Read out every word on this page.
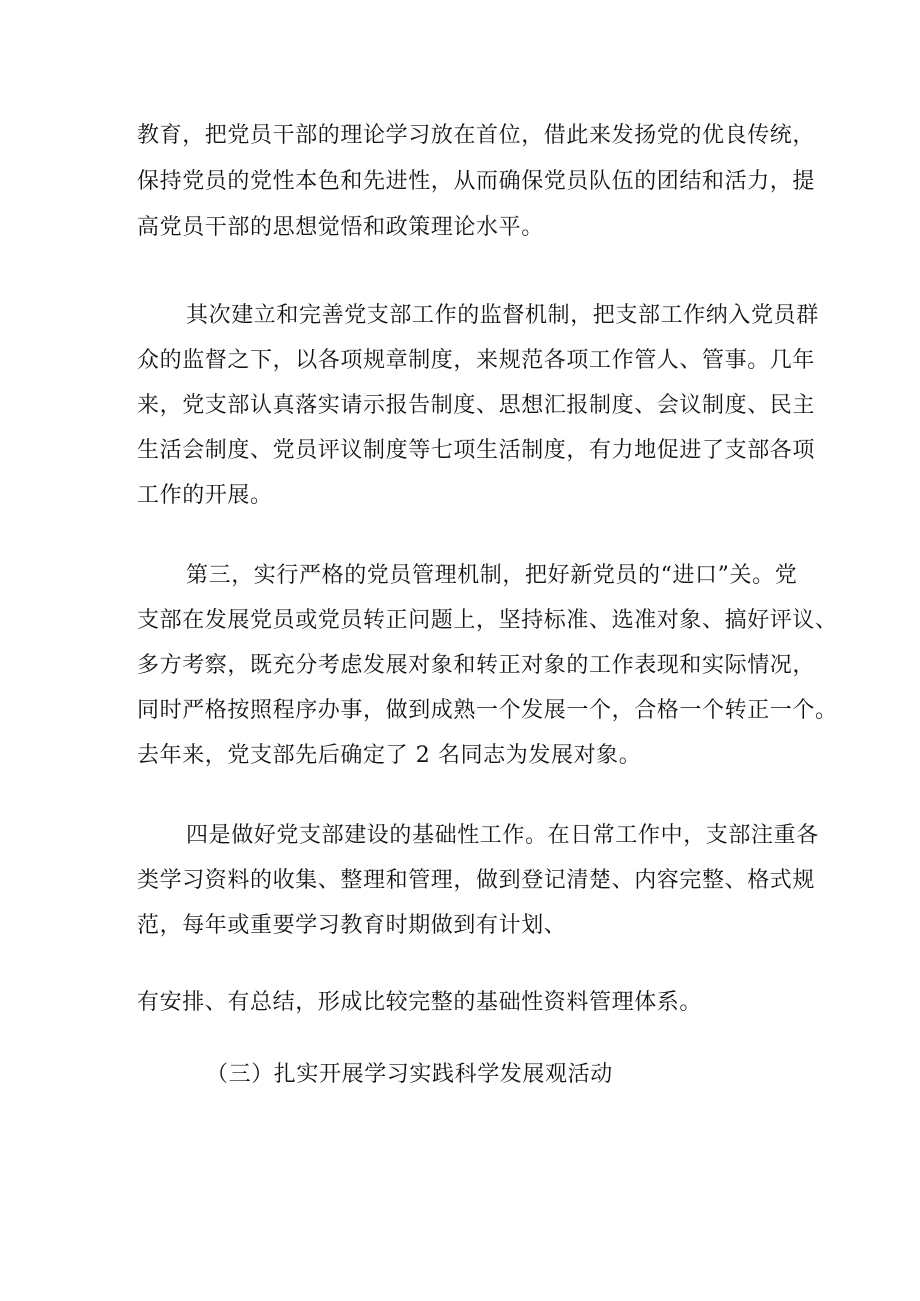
教育，把党员干部的理论学习放在首位，借此来发扬党的优良传统，

保持党员的党性本色和先进性，从而确保党员队伍的团结和活力，提

高党员干部的思想觉悟和政策理论水平。

其次建立和完善党支部工作的监督机制，把支部工作纳入党员群

众的监督之下，以各项规章制度，来规范各项工作管人、管事。几年

来，党支部认真落实请示报告制度、思想汇报制度、会议制度、民主

生活会制度、党员评议制度等七项生活制度，有力地促进了支部各项

工作的开展。

第三，实行严格的党员管理机制，把好新党员的“进口”关。党

支部在发展党员或党员转正问题上，坚持标准、选准对象、搞好评议、

多方考察，既充分考虑发展对象和转正对象的工作表现和实际情况，

同时严格按照程序办事，做到成熟一个发展一个，合格一个转正一个。

去年来，党支部先后确定了 2 名同志为发展对象。

四是做好党支部建设的基础性工作。在日常工作中，支部注重各

类学习资料的收集、整理和管理，做到登记清楚、内容完整、格式规

范，每年或重要学习教育时期做到有计划、

有安排、有总结，形成比较完整的基础性资料管理体系。

（三）扎实开展学习实践科学发展观活动
